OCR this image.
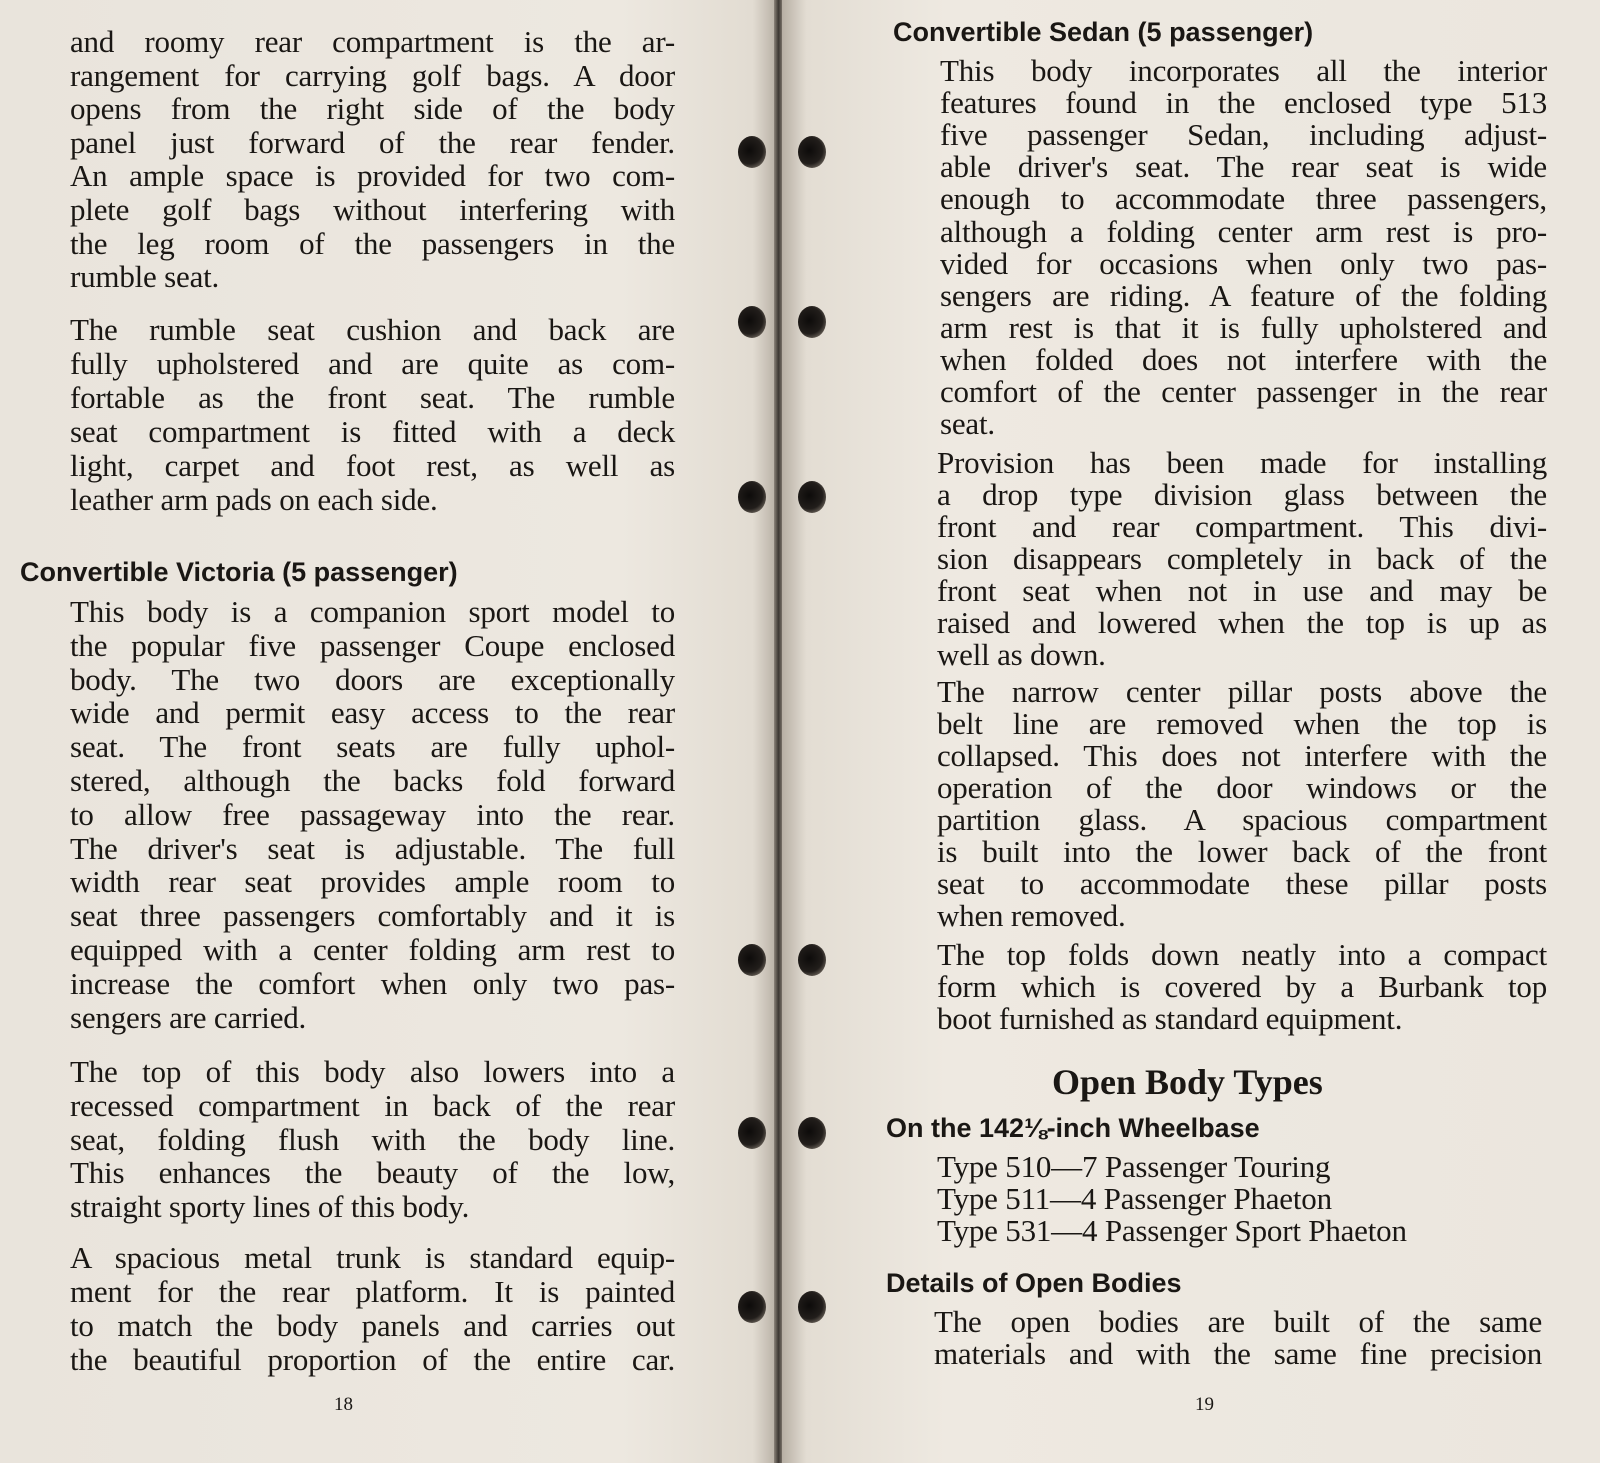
Convertible Victoria (5 passenger)
18
and roomy rear compartment is the ar-
rangement for carrying golf bags. A door
opens from the right side of the body
panel just forward of the rear fender.
An ample space is provided for two com-
plete golf bags without interfering with
the leg room of the passengers in the
rumble seat.
The rumble seat cushion and back are
fully upholstered and are quite as com-
fortable as the front seat. The rumble
seat compartment is fitted with a deck
light, carpet and foot rest, as well as
leather arm pads on each side.
This body is a companion sport model to
the popular five passenger Coupe enclosed
body. The two doors are exceptionally
wide and permit easy access to the rear
seat. The front seats are fully uphol-
stered, although the backs fold forward
to allow free passageway into the rear.
The driver's seat is adjustable. The full
width rear seat provides ample room to
seat three passengers comfortably and it is
equipped with a center folding arm rest to
increase the comfort when only two pas-
sengers are carried.
The top of this body also lowers into a
recessed compartment in back of the rear
seat, folding flush with the body line.
This enhances the beauty of the low,
straight sporty lines of this body.
A spacious metal trunk is standard equip-
ment for the rear platform. It is painted
to match the body panels and carries out
the beautiful proportion of the entire car.
Convertible Sedan (5 passenger)
Open Body Types
On the 142⅛-inch Wheelbase
Details of Open Bodies
19
This body incorporates all the interior
features found in the enclosed type 513
five passenger Sedan, including adjust-
able driver's seat. The rear seat is wide
enough to accommodate three passengers,
although a folding center arm rest is pro-
vided for occasions when only two pas-
sengers are riding. A feature of the folding
arm rest is that it is fully upholstered and
when folded does not interfere with the
comfort of the center passenger in the rear
seat.
Provision has been made for installing
a drop type division glass between the
front and rear compartment. This divi-
sion disappears completely in back of the
front seat when not in use and may be
raised and lowered when the top is up as
well as down.
The narrow center pillar posts above the
belt line are removed when the top is
collapsed. This does not interfere with the
operation of the door windows or the
partition glass. A spacious compartment
is built into the lower back of the front
seat to accommodate these pillar posts
when removed.
The top folds down neatly into a compact
form which is covered by a Burbank top
boot furnished as standard equipment.
Type 510—7 Passenger Touring
Type 511—4 Passenger Phaeton
Type 531—4 Passenger Sport Phaeton
The open bodies are built of the same
materials and with the same fine precision
